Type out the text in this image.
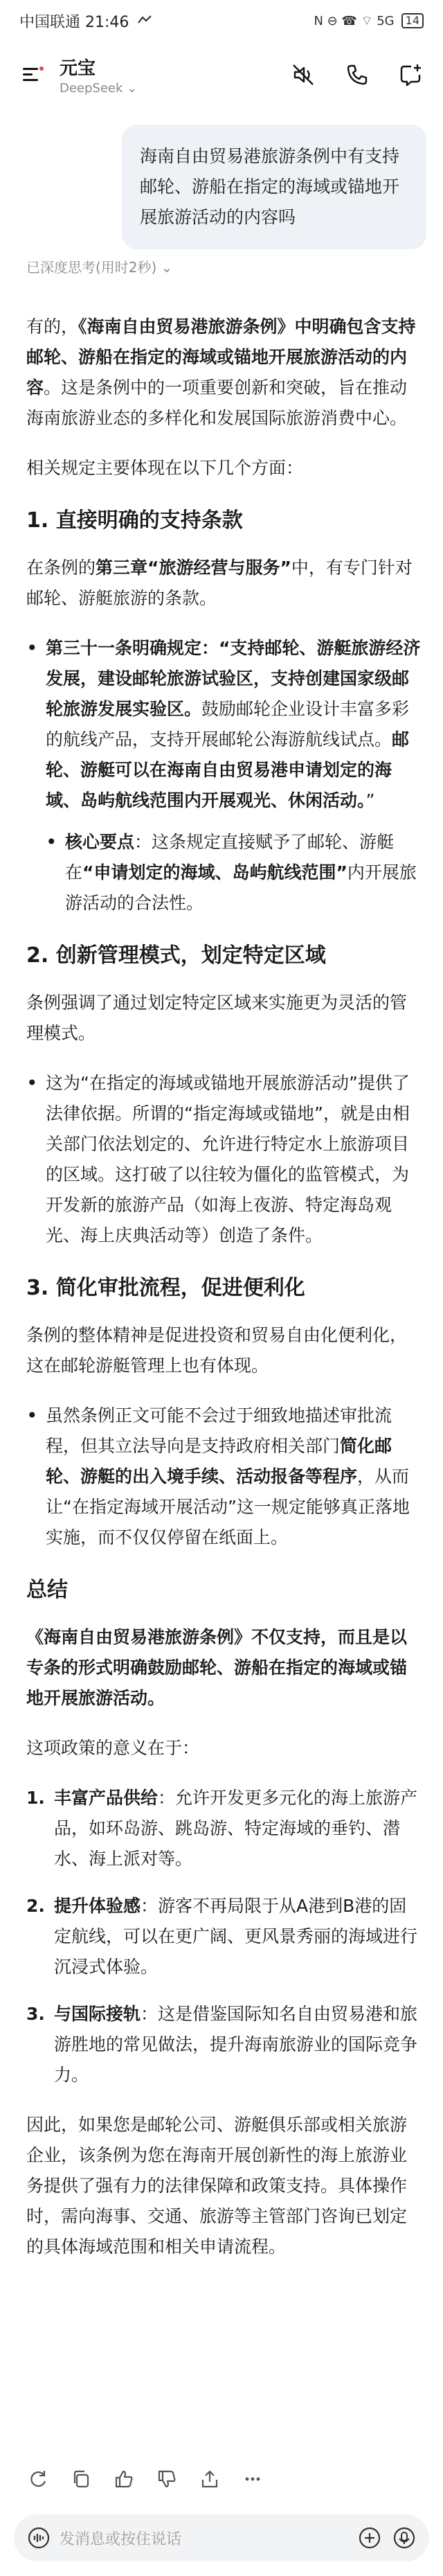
中国联通 21:46	N ⊖ ☎ ⌔ 5G	14
元宝
DeepSeek ⌄
海南自由贸易港旅游条例中有支持邮轮、游船在指定的海域或锚地开展旅游活动的内容吗
已深度思考(用时2秒) ⌄

有的，《海南自由贸易港旅游条例》中明确包含支持邮轮、游船在指定的海域或锚地开展旅游活动的内容。这是条例中的一项重要创新和突破，旨在推动海南旅游业态的多样化和发展国际旅游消费中心。

相关规定主要体现在以下几个方面：

1. 直接明确的支持条款

在条例的第三章“旅游经营与服务”中，有专门针对邮轮、游艇旅游的条款。

• 第三十一条明确规定：“支持邮轮、游艇旅游经济发展，建设邮轮旅游试验区，支持创建国家级邮轮旅游发展实验区。鼓励邮轮企业设计丰富多彩的航线产品，支持开展邮轮公海游航线试点。邮轮、游艇可以在海南自由贸易港申请划定的海域、岛屿航线范围内开展观光、休闲活动。”
• 核心要点：这条规定直接赋予了邮轮、游艇在“申请划定的海域、岛屿航线范围”内开展旅游活动的合法性。
2. 创新管理模式，划定特定区域

条例强调了通过划定特定区域来实施更为灵活的管理模式。

• 这为“在指定的海域或锚地开展旅游活动”提供了法律依据。所谓的“指定海域或锚地”，就是由相关部门依法划定的、允许进行特定水上旅游项目的区域。这打破了以往较为僵化的监管模式，为开发新的旅游产品（如海上夜游、特定海岛观光、海上庆典活动等）创造了条件。
3. 简化审批流程，促进便利化

条例的整体精神是促进投资和贸易自由化便利化，这在邮轮游艇管理上也有体现。

• 虽然条例正文可能不会过于细致地描述审批流程，但其立法导向是支持政府相关部门简化邮轮、游艇的出入境手续、活动报备等程序，从而让“在指定海域开展活动”这一规定能够真正落地实施，而不仅仅停留在纸面上。
总结

《海南自由贸易港旅游条例》不仅支持，而且是以专条的形式明确鼓励邮轮、游船在指定的海域或锚地开展旅游活动。

这项政策的意义在于：

1. 丰富产品供给：允许开发更多元化的海上旅游产品，如环岛游、跳岛游、特定海域的垂钓、潜水、海上派对等。
2. 提升体验感：游客不再局限于从A港到B港的固定航线，可以在更广阔、更风景秀丽的海域进行沉浸式体验。
3. 与国际接轨：这是借鉴国际知名自由贸易港和旅游胜地的常见做法，提升海南旅游业的国际竞争力。

因此，如果您是邮轮公司、游艇俱乐部或相关旅游企业，该条例为您在海南开展创新性的海上旅游业务提供了强有力的法律保障和政策支持。具体操作时，需向海事、交通、旅游等主管部门咨询已划定的具体海域范围和相关申请流程。

发消息或按住说话
